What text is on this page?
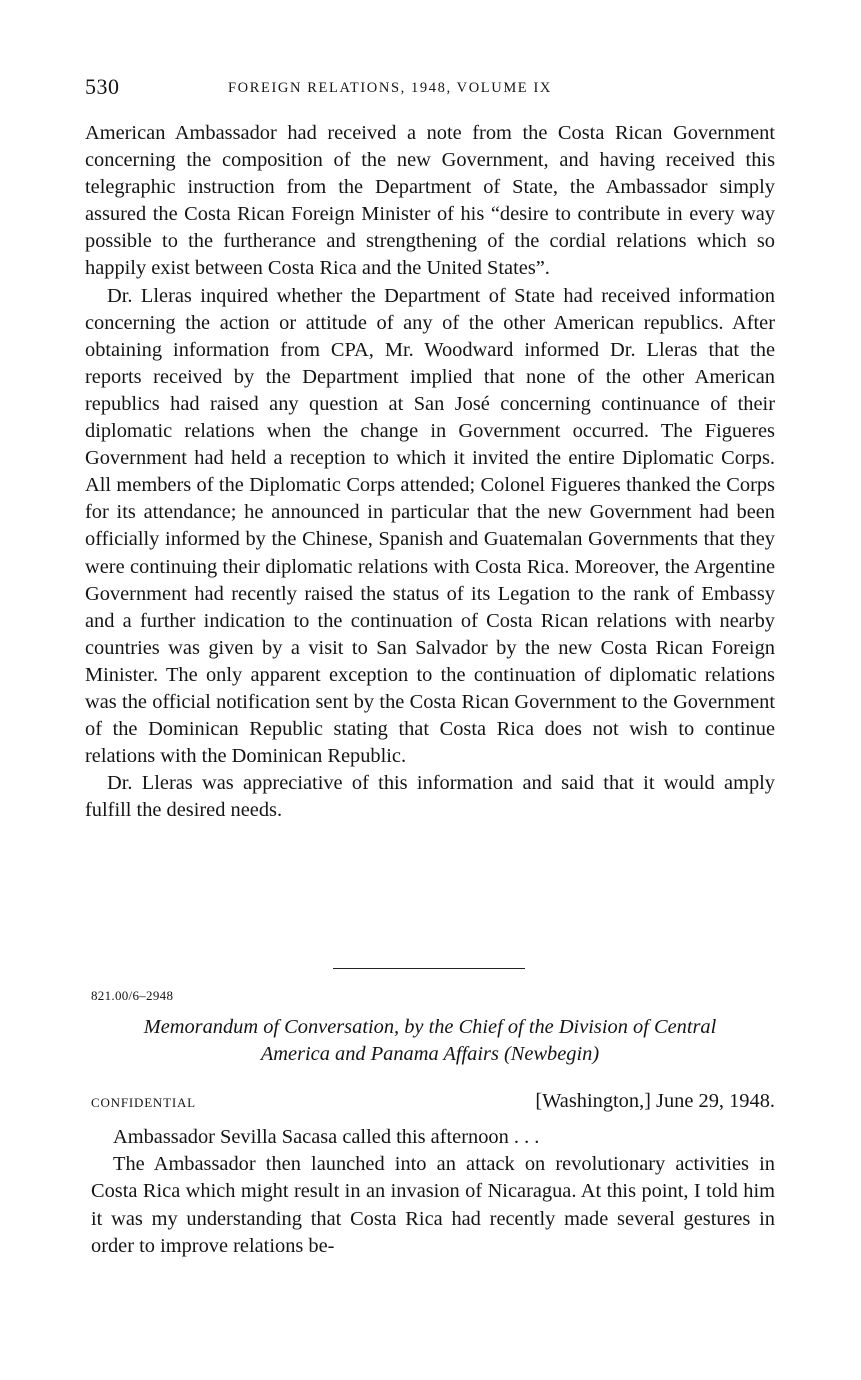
530	FOREIGN RELATIONS, 1948, VOLUME IX

American Ambassador had received a note from the Costa Rican Government concerning the composition of the new Government, and having received this telegraphic instruction from the Department of State, the Ambassador simply assured the Costa Rican Foreign Minister of his “desire to contribute in every way possible to the furtherance and strengthening of the cordial relations which so happily exist between Costa Rica and the United States”.

Dr. Lleras inquired whether the Department of State had received information concerning the action or attitude of any of the other American republics. After obtaining information from CPA, Mr. Woodward informed Dr. Lleras that the reports received by the Department implied that none of the other American republics had raised any question at San José concerning continuance of their diplomatic relations when the change in Government occurred. The Figueres Government had held a reception to which it invited the entire Diplomatic Corps. All members of the Diplomatic Corps attended; Colonel Figueres thanked the Corps for its attendance; he announced in particular that the new Government had been officially informed by the Chinese, Spanish and Guatemalan Governments that they were continuing their diplomatic relations with Costa Rica. Moreover, the Argentine Government had recently raised the status of its Legation to the rank of Embassy and a further indication to the continuation of Costa Rican relations with nearby countries was given by a visit to San Salvador by the new Costa Rican Foreign Minister. The only apparent exception to the continuation of diplomatic relations was the official notification sent by the Costa Rican Government to the Government of the Dominican Republic stating that Costa Rica does not wish to continue relations with the Dominican Republic.

Dr. Lleras was appreciative of this information and said that it would amply fulfill the desired needs.

821.00/6–2948
Memorandum of Conversation, by the Chief of the Division of Central
America and Panama Affairs (Newbegin)
CONFIDENTIAL	[Washington,] June 29, 1948.

Ambassador Sevilla Sacasa called this afternoon . . .

The Ambassador then launched into an attack on revolutionary activities in Costa Rica which might result in an invasion of Nicaragua. At this point, I told him it was my understanding that Costa Rica had recently made several gestures in order to improve relations be-
